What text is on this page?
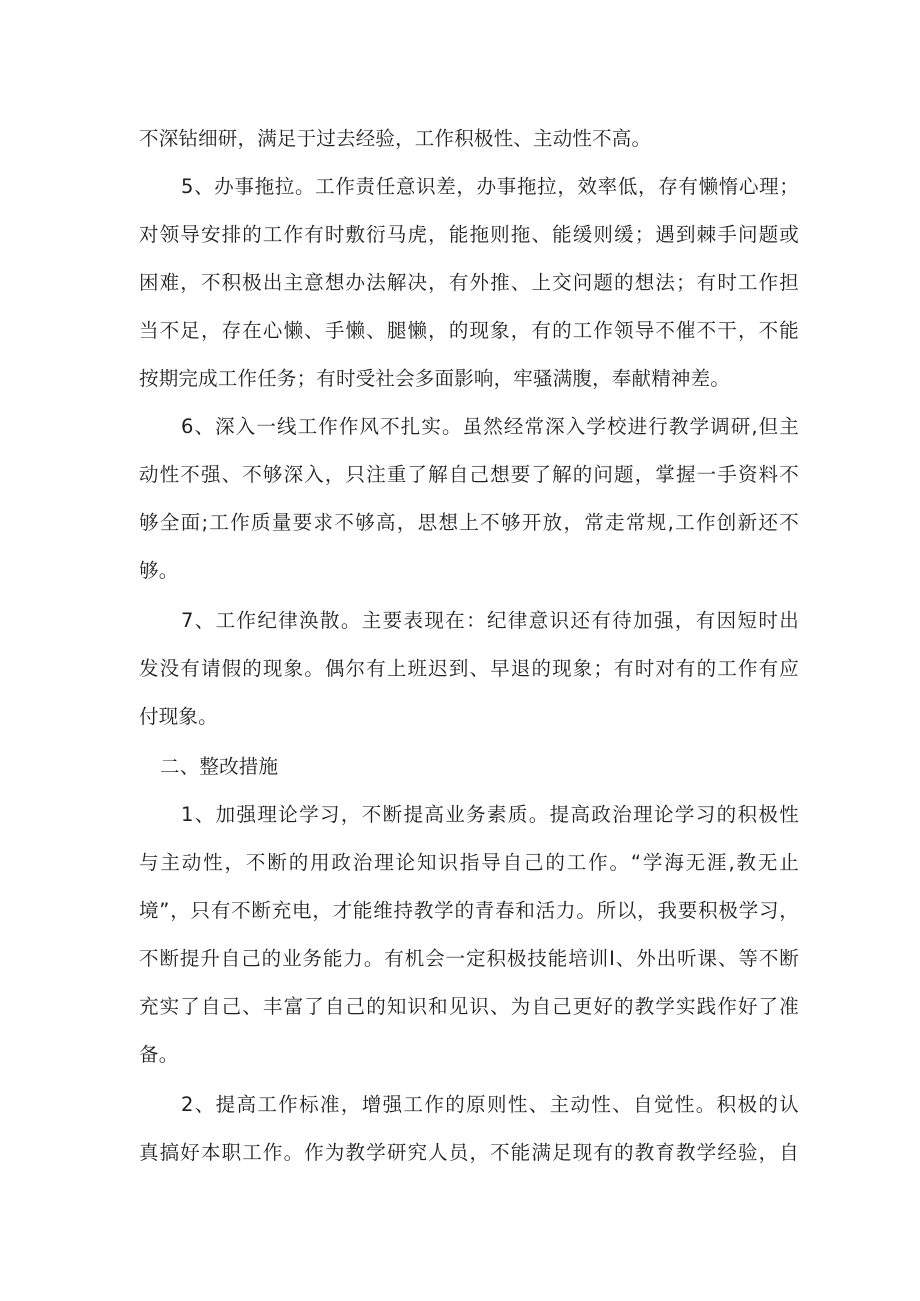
不深钻细研，满足于过去经验，工作积极性、主动性不高。
5、办事拖拉。工作责任意识差，办事拖拉，效率低，存有懒惰心理；
对领导安排的工作有时敷衍马虎，能拖则拖、能缓则缓；遇到棘手问题或
困难，不积极出主意想办法解决，有外推、上交问题的想法；有时工作担
当不足，存在心懒、手懒、腿懒，的现象，有的工作领导不催不干，不能
按期完成工作任务；有时受社会多面影响，牢骚满腹，奉献精神差。
6、深入一线工作作风不扎实。虽然经常深入学校进行教学调研,但主
动性不强、不够深入，只注重了解自己想要了解的问题，掌握一手资料不
够全面;工作质量要求不够高，思想上不够开放，常走常规,工作创新还不
够。
7、工作纪律涣散。主要表现在：纪律意识还有待加强，有因短时出
发没有请假的现象。偶尔有上班迟到、早退的现象；有时对有的工作有应
付现象。
二、整改措施
1、加强理论学习，不断提高业务素质。提高政治理论学习的积极性
与主动性，不断的用政治理论知识指导自己的工作。“学海无涯,教无止
境”，只有不断充电，才能维持教学的青春和活力。所以，我要积极学习，
不断提升自己的业务能力。有机会一定积极技能培训I、外出听课、等不断
充实了自己、丰富了自己的知识和见识、为自己更好的教学实践作好了准
备。
2、提高工作标准，增强工作的原则性、主动性、自觉性。积极的认
真搞好本职工作。作为教学研究人员，不能满足现有的教育教学经验，自
